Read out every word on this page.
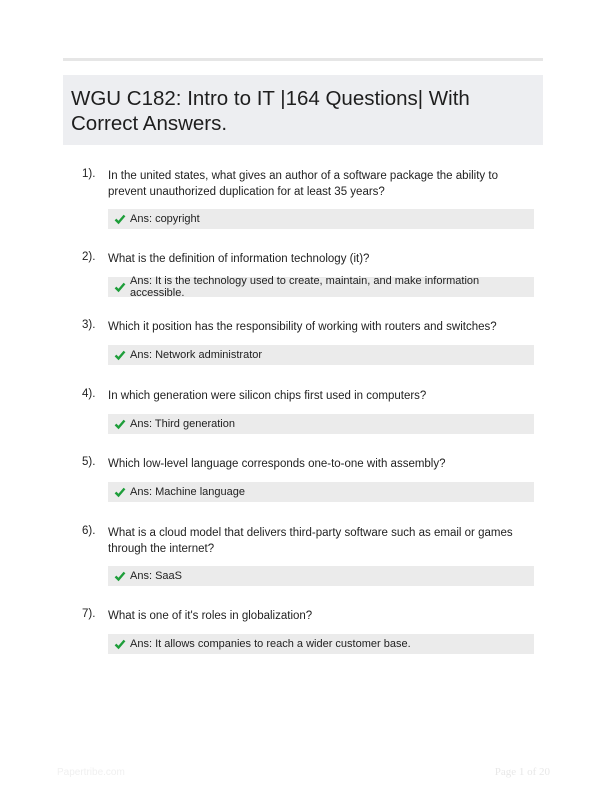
WGU C182: Intro to IT |164 Questions| With Correct Answers.
1). In the united states, what gives an author of a software package the ability to prevent unauthorized duplication for at least 35 years?
Ans: copyright
2). What is the definition of information technology (it)?
Ans: It is the technology used to create, maintain, and make information accessible.
3). Which it position has the responsibility of working with routers and switches?
Ans: Network administrator
4). In which generation were silicon chips first used in computers?
Ans: Third generation
5). Which low-level language corresponds one-to-one with assembly?
Ans: Machine language
6). What is a cloud model that delivers third-party software such as email or games through the internet?
Ans: SaaS
7). What is one of it's roles in globalization?
Ans: It allows companies to reach a wider customer base.
Papertribe.com	Page 1 of 20
